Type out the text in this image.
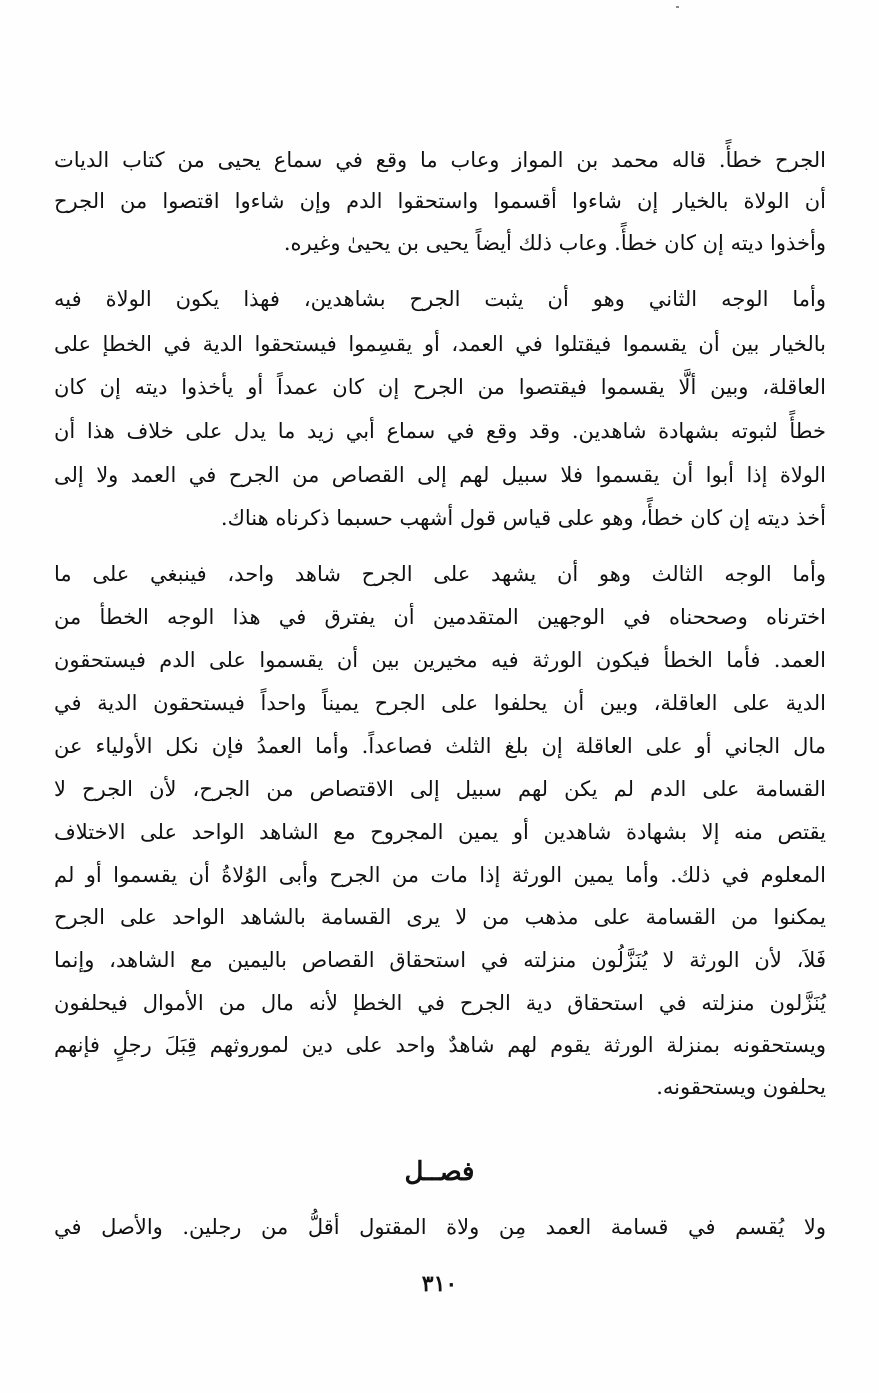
الجرح خطأً. قاله محمد بن المواز وعاب ما وقع في سماع يحيى من كتاب الديات
أن الولاة بالخيار إن شاءوا أقسموا واستحقوا الدم وإن شاءوا اقتصوا من الجرح
وأخذوا ديته إن كان خطأً. وعاب ذلك أيضاً يحيى بن يحيىٰ وغيره.
وأما الوجه الثاني وهو أن يثبت الجرح بشاهدين، فهذا يكون الولاة فيه
بالخيار بين أن يقسموا فيقتلوا في العمد، أو يقسِموا فيستحقوا الدية في الخطإ على
العاقلة، وبين ألَّا يقسموا فيقتصوا من الجرح إن كان عمداً أو يأخذوا ديته إن كان
خطأً لثبوته بشهادة شاهدين. وقد وقع في سماع أبي زيد ما يدل على خلاف هذا أن
الولاة إذا أبوا أن يقسموا فلا سبيل لهم إلى القصاص من الجرح في العمد ولا إلى
أخذ ديته إن كان خطأً، وهو على قياس قول أشهب حسبما ذكرناه هناك.
وأما الوجه الثالث وهو أن يشهد على الجرح شاهد واحد، فينبغي على ما
اخترناه وصححناه في الوجهين المتقدمين أن يفترق في هذا الوجه الخطأ من
العمد. فأما الخطأ فيكون الورثة فيه مخيرين بين أن يقسموا على الدم فيستحقون
الدية على العاقلة، وبين أن يحلفوا على الجرح يميناً واحداً فيستحقون الدية في
مال الجاني أو على العاقلة إن بلغ الثلث فصاعداً. وأما العمدُ فإن نكل الأولياء عن
القسامة على الدم لم يكن لهم سبيل إلى الاقتصاص من الجرح، لأن الجرح لا
يقتص منه إلا بشهادة شاهدين أو يمين المجروح مع الشاهد الواحد على الاختلاف
المعلوم في ذلك. وأما يمين الورثة إذا مات من الجرح وأبى الوُلاةُ أن يقسموا أو لم
يمكنوا من القسامة على مذهب من لا يرى القسامة بالشاهد الواحد على الجرح
فَلاَ، لأن الورثة لا يُنَزَّلُون منزلته في استحقاق القصاص باليمين مع الشاهد، وإنما
يُنَزَّلون منزلته في استحقاق دية الجرح في الخطإ لأنه مال من الأموال فيحلفون
ويستحقونه بمنزلة الورثة يقوم لهم شاهدٌ واحد على دين لموروثهم قِبَلَ رجلٍ فإنهم
يحلفون ويستحقونه.
فصــل
ولا يُقسم في قسامة العمد مِن ولاة المقتول أقلُّ من رجلين. والأصل في
٣١٠
